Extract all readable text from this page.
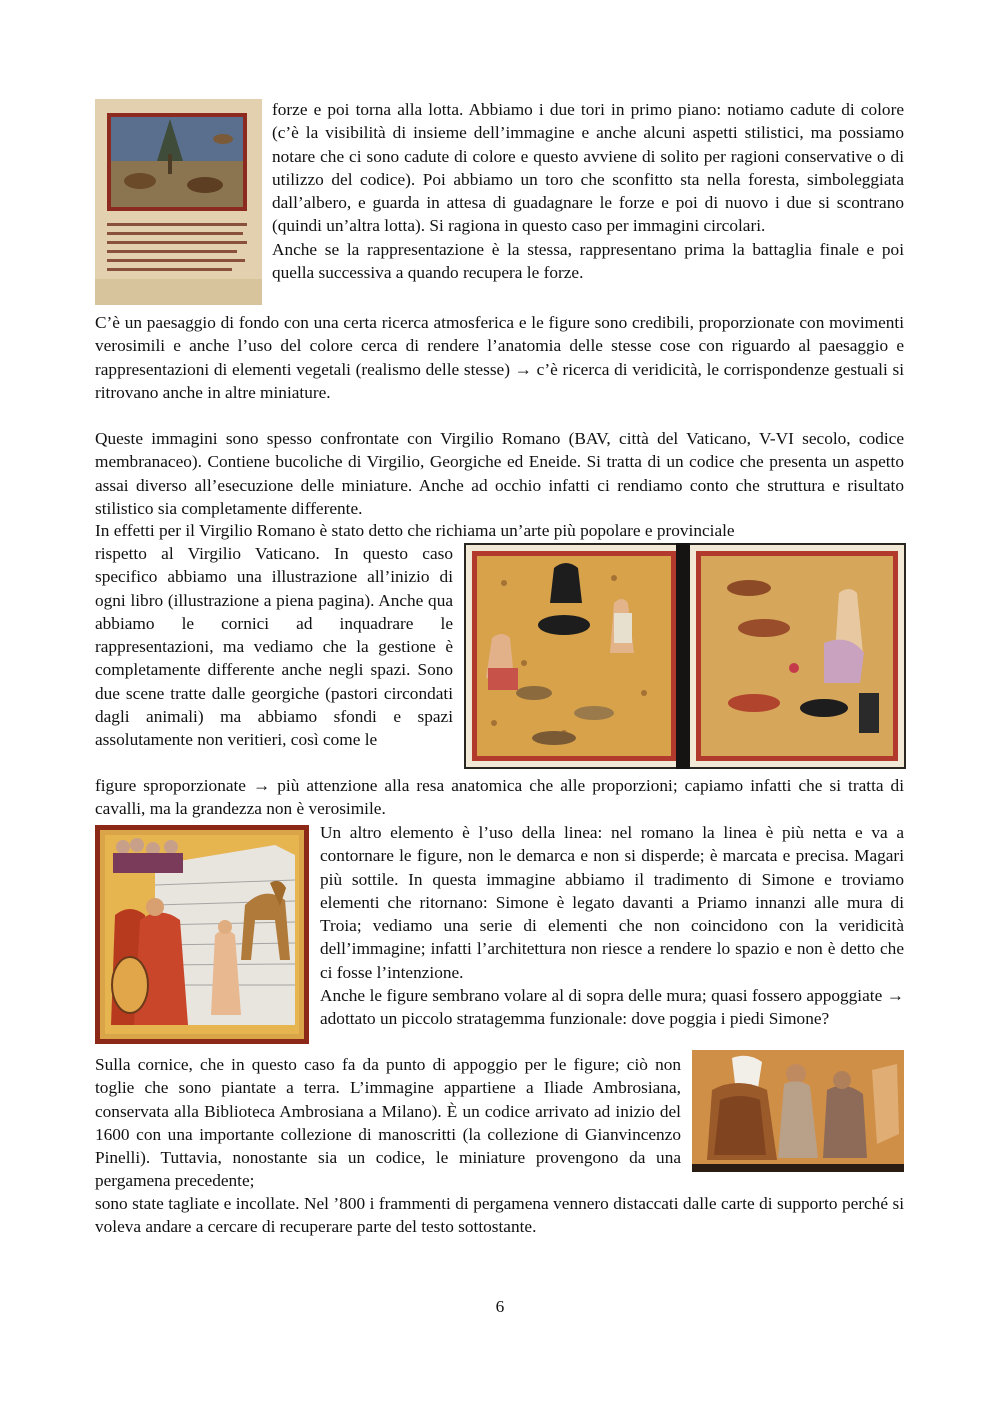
forze e poi torna alla lotta. Abbiamo i due tori in primo piano: notiamo cadute di colore (c’è la visibilità di insieme dell’immagine e anche alcuni aspetti stilistici, ma possiamo notare che ci sono cadute di colore e questo avviene di solito per ragioni conservative o di utilizzo del codice). Poi abbiamo un toro che sconfitto sta nella foresta, simboleggiata dall’albero, e guarda in attesa di guadagnare le forze e poi di nuovo i due si scontrano (quindi un’altra lotta). Si ragiona in questo caso per immagini circolari.

Anche se la rappresentazione è la stessa, rappresentano prima la battaglia finale e poi quella successiva a quando recupera le forze.

C’è un paesaggio di fondo con una certa ricerca atmosferica e le figure sono credibili, proporzionate con movimenti verosimili e anche l’uso del colore cerca di rendere l’anatomia delle stesse cose con riguardo al paesaggio e rappresentazioni di elementi vegetali (realismo delle stesse) → c’è ricerca di veridicità, le corrispondenze gestuali si ritrovano anche in altre miniature.

Queste immagini sono spesso confrontate con Virgilio Romano (BAV, città del Vaticano, V-VI secolo, codice membranaceo). Contiene bucoliche di Virgilio, Georgiche ed Eneide. Si tratta di un codice che presenta un aspetto assai diverso all’esecuzione delle miniature. Anche ad occhio infatti ci rendiamo conto che struttura e risultato stilistico sia completamente differente.

In effetti per il Virgilio Romano è stato detto che richiama un’arte più popolare e provinciale

rispetto al Virgilio Vaticano. In questo caso specifico abbiamo una illustrazione all’inizio di ogni libro (illustrazione a piena pagina). Anche qua abbiamo le cornici ad inquadrare le rappresentazioni, ma vediamo che la gestione è completamente differente anche negli spazi. Sono due scene tratte dalle georgiche (pastori circondati dagli animali) ma abbiamo sfondi e spazi assolutamente non veritieri, così come le

figure sproporzionate → più attenzione alla resa anatomica che alle proporzioni; capiamo infatti che si tratta di cavalli, ma la grandezza non è verosimile.

Un altro elemento è l’uso della linea: nel romano la linea è più netta e va a contornare le figure, non le demarca e non si disperde; è marcata e precisa. Magari più sottile. In questa immagine abbiamo il tradimento di Simone e troviamo elementi che ritornano: Simone è legato davanti a Priamo innanzi alle mura di Troia; vediamo una serie di elementi che non coincidono con la veridicità dell’immagine; infatti l’architettura non riesce a rendere lo spazio e non è detto che ci fosse l’intenzione.

Anche le figure sembrano volare al di sopra delle mura; quasi fossero appoggiate → adottato un piccolo stratagemma funzionale: dove poggia i piedi Simone?

Sulla cornice, che in questo caso fa da punto di appoggio per le figure; ciò non toglie che sono piantate a terra. L’immagine appartiene a Iliade Ambrosiana, conservata alla Biblioteca Ambrosiana a Milano). È un codice arrivato ad inizio del 1600 con una importante collezione di manoscritti (la collezione di Gianvincenzo Pinelli). Tuttavia, nonostante sia un codice, le miniature provengono da una pergamena precedente;

sono state tagliate e incollate. Nel ’800 i frammenti di pergamena vennero distaccati dalle carte di supporto perché si voleva andare a cercare di recuperare parte del testo sottostante.

6
